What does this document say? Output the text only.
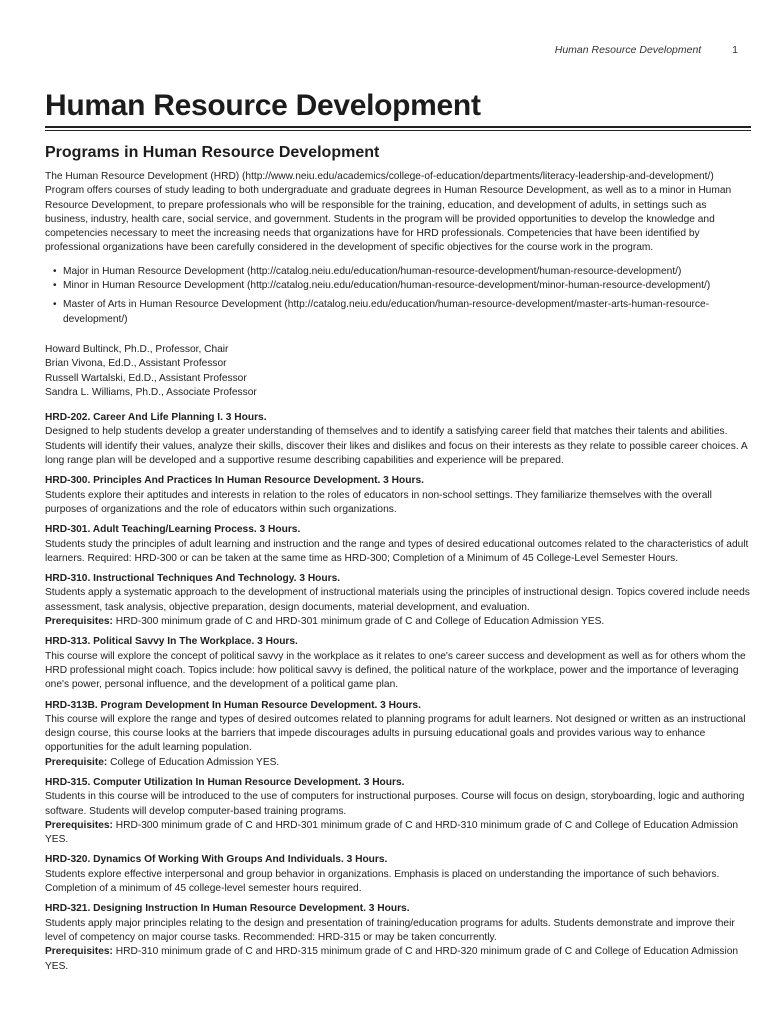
Human Resource Development	1
Human Resource Development
Programs in Human Resource Development

The Human Resource Development (HRD) (http://www.neiu.edu/academics/college-of-education/departments/literacy-leadership-and-development/) Program offers courses of study leading to both undergraduate and graduate degrees in Human Resource Development, as well as to a minor in Human Resource Development, to prepare professionals who will be responsible for the training, education, and development of adults, in settings such as business, industry, health care, social service, and government. Students in the program will be provided opportunities to develop the knowledge and competencies necessary to meet the increasing needs that organizations have for HRD professionals. Competencies that have been identified by professional organizations have been carefully considered in the development of specific objectives for the course work in the program.

• Major in Human Resource Development (http://catalog.neiu.edu/education/human-resource-development/human-resource-development/)
• Minor in Human Resource Development (http://catalog.neiu.edu/education/human-resource-development/minor-human-resource-development/)
• Master of Arts in Human Resource Development (http://catalog.neiu.edu/education/human-resource-development/master-arts-human-resource-development/)
Howard Bultinck, Ph.D., Professor, Chair
Brian Vivona, Ed.D., Assistant Professor
Russell Wartalski, Ed.D., Assistant Professor
Sandra L. Williams, Ph.D., Associate Professor
HRD-202. Career And Life Planning I. 3 Hours.

Designed to help students develop a greater understanding of themselves and to identify a satisfying career field that matches their talents and abilities. Students will identify their values, analyze their skills, discover their likes and dislikes and focus on their interests as they relate to possible career choices. A long range plan will be developed and a supportive resume describing capabilities and experience will be prepared.

HRD-300. Principles And Practices In Human Resource Development. 3 Hours.

Students explore their aptitudes and interests in relation to the roles of educators in non-school settings. They familiarize themselves with the overall purposes of organizations and the role of educators within such organizations.

HRD-301. Adult Teaching/Learning Process. 3 Hours.

Students study the principles of adult learning and instruction and the range and types of desired educational outcomes related to the characteristics of adult learners. Required: HRD-300 or can be taken at the same time as HRD-300; Completion of a Minimum of 45 College-Level Semester Hours.

HRD-310. Instructional Techniques And Technology. 3 Hours.

Students apply a systematic approach to the development of instructional materials using the principles of instructional design. Topics covered include needs assessment, task analysis, objective preparation, design documents, material development, and evaluation.

Prerequisites: HRD-300 minimum grade of C and HRD-301 minimum grade of C and College of Education Admission YES.

HRD-313. Political Savvy In The Workplace. 3 Hours.

This course will explore the concept of political savvy in the workplace as it relates to one's career success and development as well as for others whom the HRD professional might coach. Topics include: how political savvy is defined, the political nature of the workplace, power and the importance of leveraging one's power, personal influence, and the development of a political game plan.

HRD-313B. Program Development In Human Resource Development. 3 Hours.

This course will explore the range and types of desired outcomes related to planning programs for adult learners. Not designed or written as an instructional design course, this course looks at the barriers that impede discourages adults in pursuing educational goals and provides various way to enhance opportunities for the adult learning population.

Prerequisite: College of Education Admission YES.

HRD-315. Computer Utilization In Human Resource Development. 3 Hours.

Students in this course will be introduced to the use of computers for instructional purposes. Course will focus on design, storyboarding, logic and authoring software. Students will develop computer-based training programs.

Prerequisites: HRD-300 minimum grade of C and HRD-301 minimum grade of C and HRD-310 minimum grade of C and College of Education Admission YES.

HRD-320. Dynamics Of Working With Groups And Individuals. 3 Hours.

Students explore effective interpersonal and group behavior in organizations. Emphasis is placed on understanding the importance of such behaviors. Completion of a minimum of 45 college-level semester hours required.

HRD-321. Designing Instruction In Human Resource Development. 3 Hours.

Students apply major principles relating to the design and presentation of training/education programs for adults. Students demonstrate and improve their level of competency on major course tasks. Recommended: HRD-315 or may be taken concurrently.

Prerequisites: HRD-310 minimum grade of C and HRD-315 minimum grade of C and HRD-320 minimum grade of C and College of Education Admission YES.
